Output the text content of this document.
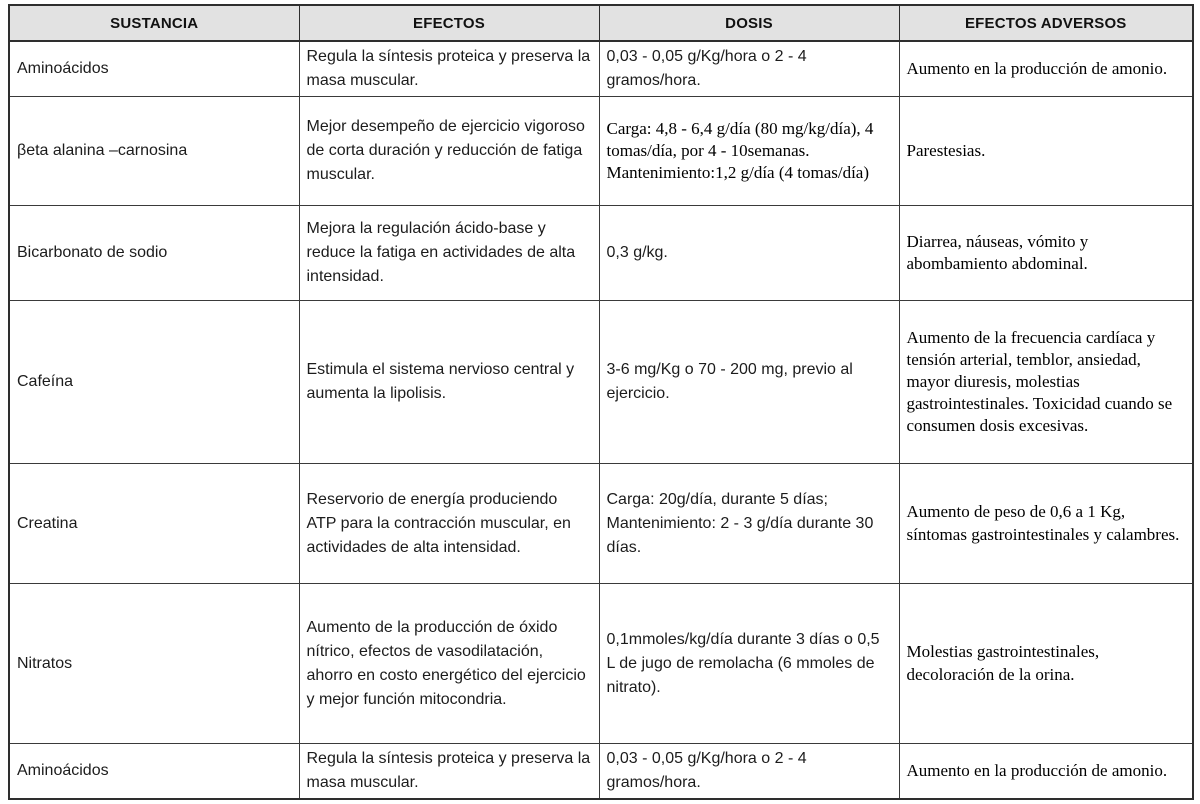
SUSTANCIA	EFECTOS	DOSIS	EFECTOS ADVERSOS
Aminoácidos	Regula la síntesis proteica y preserva la masa muscular.	0,03 - 0,05 g/Kg/hora o 2 - 4 gramos/hora.	Aumento en la producción de amonio.
βeta alanina –carnosina	Mejor desempeño de ejercicio vigoroso de corta duración y reducción de fatiga muscular.	Carga: 4,8 - 6,4 g/día (80 mg/kg/día), 4 tomas/día, por 4 - 10semanas. Mantenimiento:1,2 g/día (4 tomas/día)	Parestesias.
Bicarbonato de sodio	Mejora la regulación ácido-base y reduce la fatiga en actividades de alta intensidad.	0,3 g/kg.	Diarrea, náuseas, vómito y abombamiento abdominal.
Cafeína	Estimula el sistema nervioso central y aumenta la lipolisis.	3-6 mg/Kg o 70 - 200 mg, previo al ejercicio.	Aumento de la frecuencia cardíaca y tensión arterial, temblor, ansiedad, mayor diuresis, molestias gastrointestinales. Toxicidad cuando se consumen dosis excesivas.
Creatina	Reservorio de energía produciendo ATP para la contracción muscular, en actividades de alta intensidad.	Carga: 20g/día, durante 5 días; Mantenimiento: 2 - 3 g/día durante 30 días.	Aumento de peso de 0,6 a 1 Kg, síntomas gastrointestinales y calambres.
Nitratos	Aumento de la producción de óxido nítrico, efectos de vasodilatación, ahorro en costo energético del ejercicio y mejor función mitocondria.	0,1mmoles/kg/día durante 3 días o 0,5 L de jugo de remolacha (6 mmoles de nitrato).	Molestias gastrointestinales, decoloración de la orina.
Aminoácidos	Regula la síntesis proteica y preserva la masa muscular.	0,03 - 0,05 g/Kg/hora o 2 - 4 gramos/hora.	Aumento en la producción de amonio.
